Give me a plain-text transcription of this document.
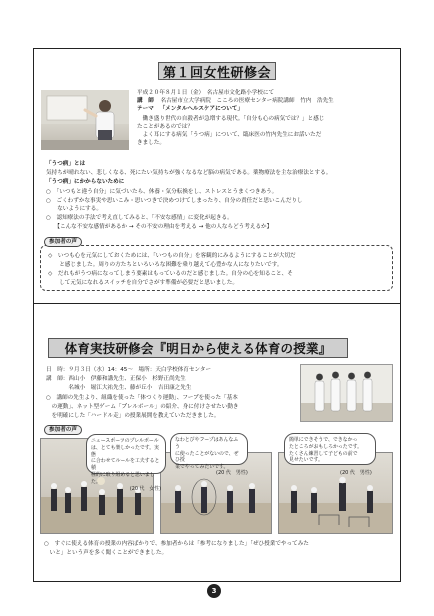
第１回女性研修会
平成２０年８月１日（金）　名古屋市文化路小学校にて
講　師 名古屋市立大学病院　こころの医療センター病院講師　竹内　浩先生
テーマ 「メンタルヘルスケアについて」
　働き盛り世代の自殺者が急増する現代。「自分も心の病気では？」と感じ
たことがあるのでは？
　よく耳にする病気「うつ病」について、臨床医の竹内先生にお話いただ
きました。
「うつ病」とは
気持ちが晴れない、悲しくなる、死にたい気持ちが強くなるなど脳の病気である。薬物療法を主な治療法とする。
「うつ病」にかからないために
○　「いつもと違う自分」に気づいたら、休養・気分転換をし、ストレスとうまくつきあう。
○　ごくわずかな事実や思いこみ・思いつきで決めつけてしまったり、自分の責任だと思いこんだりし
　　ないようにする。
○　認知療法の手法で考え直してみると、「不安な感情」に変化が起きる。
　　【こんな不安な感情があるか → その不安の理由を考える → 他の人ならどう考えるか】
参加者の声
◇　いつも心を元気にしておくためには、「いつもの自分」を客観的にみるようにすることが大切だ
　　と感じました。周りの方たちといろいろな困難を乗り越えて心豊かな人になりたいです。
◇　だれもがうつ病になってしまう要素はもっているのだと感じました。自分の心を知ること、そ
　　して元気になれるスイッチを自分でさがす準備が必要だと思いました。
体育実技研修会『明日から使える体育の授業』
日　時：９月３日（水）14：45～　場所：天白学校体育センター
講　師：西山小　伊藤和講先生、正保小　杉野正尚先生
　　　　名城小　堀江大祐先生、藤が丘小　吉田康之先生
○　講師の先生より、組織を使った「体つくり運動」、フープを使った「基本
　の運動」、ネット型ゲーム「プレルボール」の紹介、身に付けさせたい動き
　を明確にした「ハードル走」の授業展開を教えていただきました。
参加者の声
ニュースポーツのプレルボール
は、とても楽しかったです。実態
に合わせてルールを工夫すると積
極的に取り組めると思いました。
(20 代　女性)
なわとびやフープはあんなふう
に使ったことがないので、ぜひ授
業でやってみたいです。
(20 代　男性)
簡単にできそうで、できなかっ
たところがおもしろかったです。
たくさん練習して子どもの前で
見せたいです。
(20 代　男性)
○　すぐに使える体育の授業の内容ばかりで、参加者からは「参考になりました」「ぜひ授業でやってみた
　いと」という声を多く聞くことができました。
3
